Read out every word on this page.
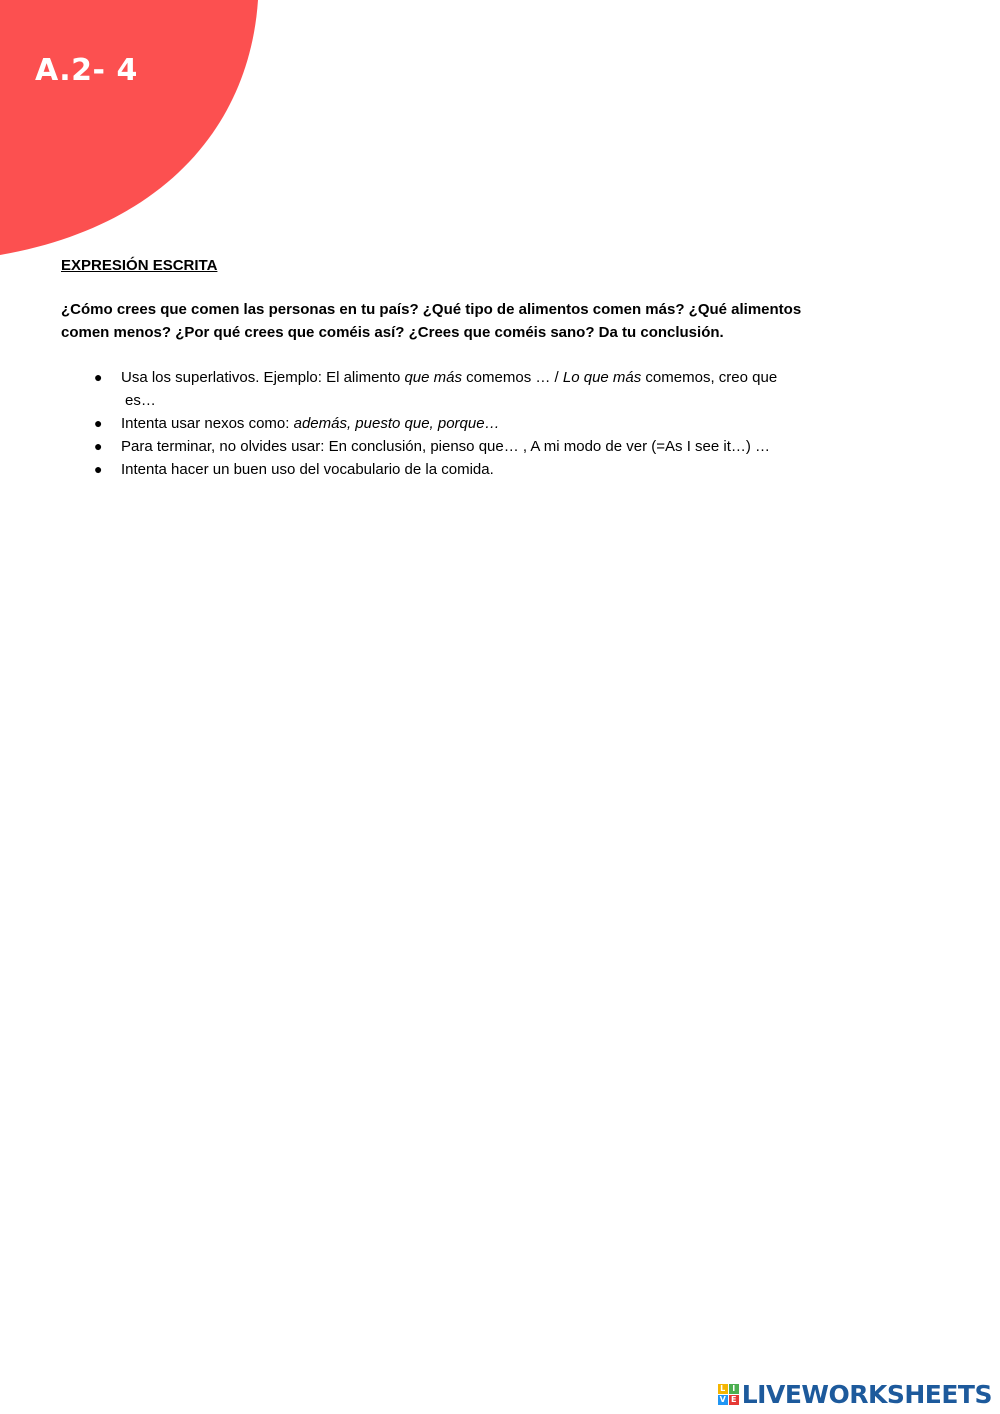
A.2- 4
EXPRESIÓN ESCRITA
¿Cómo crees que comen las personas en tu país? ¿Qué tipo de alimentos comen más? ¿Qué alimentos
comen menos? ¿Por qué crees que coméis así? ¿Crees que coméis sano? Da tu conclusión.
● Usa los superlativos. Ejemplo: El alimento que más comemos … / Lo que más comemos, creo que
es…
● Intenta usar nexos como: además, puesto que, porque…
● Para terminar, no olvides usar: En conclusión, pienso que… , A mi modo de ver (=As I see it…) …
● Intenta hacer un buen uso del vocabulario de la comida.
L I
V E LIVEWORKSHEETS
